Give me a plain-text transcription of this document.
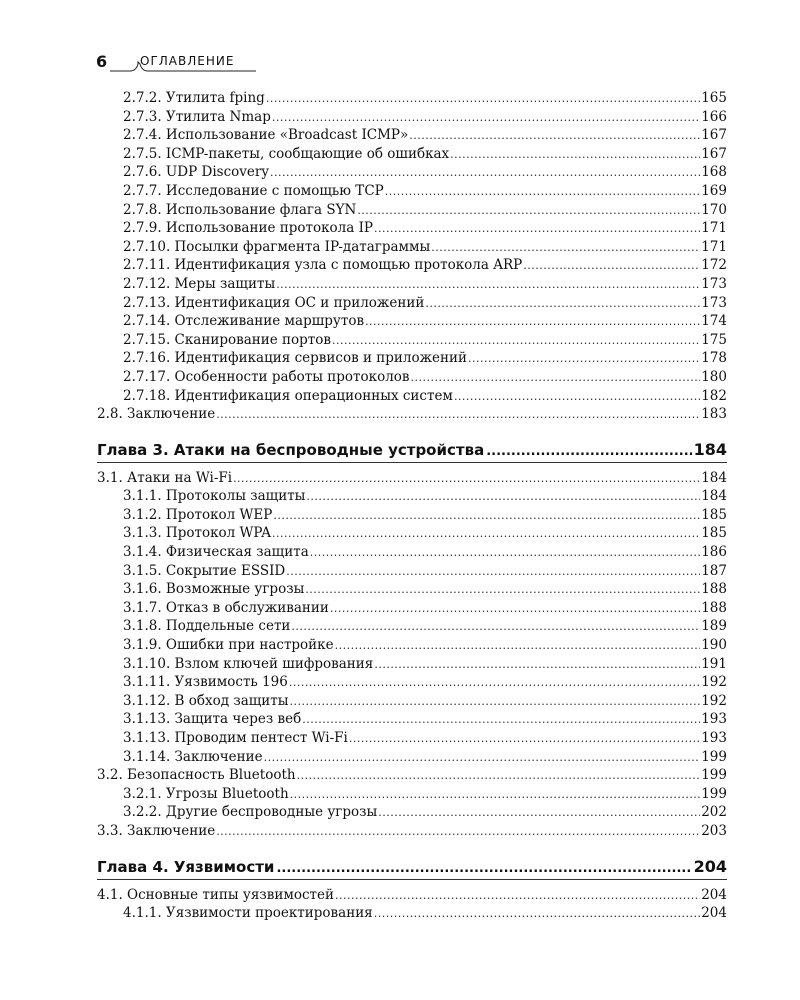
6	ОГЛАВЛЕНИЕ
2.7.2. Утилита fping .....	165
2.7.3. Утилита Nmap .....	166
2.7.4. Использование «Broadcast ICMP» .....	167
2.7.5. ICMP-пакеты, сообщающие об ошибках .....	167
2.7.6. UDP Discovery .....	168
2.7.7. Исследование с помощью TCP .....	169
2.7.8. Использование флага SYN .....	170
2.7.9. Использование протокола IP .....	171
2.7.10. Посылки фрагмента IP-датаграммы .....	171
2.7.11. Идентификация узла с помощью протокола ARP .....	172
2.7.12. Меры защиты .....	173
2.7.13. Идентификация ОС и приложений .....	173
2.7.14. Отслеживание маршрутов .....	174
2.7.15. Сканирование портов .....	175
2.7.16. Идентификация сервисов и приложений .....	178
2.7.17. Особенности работы протоколов .....	180
2.7.18. Идентификация операционных систем .....	182
2.8. Заключение .....	183
Глава 3. Атаки на беспроводные устройства .....	184
3.1. Атаки на Wi-Fi .....	184
3.1.1. Протоколы защиты .....	184
3.1.2. Протокол WEP .....	185
3.1.3. Протокол WPA .....	185
3.1.4. Физическая защита .....	186
3.1.5. Сокрытие ESSID .....	187
3.1.6. Возможные угрозы .....	188
3.1.7. Отказ в обслуживании .....	188
3.1.8. Поддельные сети .....	189
3.1.9. Ошибки при настройке .....	190
3.1.10. Взлом ключей шифрования .....	191
3.1.11. Уязвимость 196 .....	192
3.1.12. В обход защиты .....	192
3.1.13. Защита через веб .....	193
3.1.13. Проводим пентест Wi-Fi .....	193
3.1.14. Заключение .....	199
3.2. Безопасность Bluetooth .....	199
3.2.1. Угрозы Bluetooth .....	199
3.2.2. Другие беспроводные угрозы .....	202
3.3. Заключение .....	203
Глава 4. Уязвимости .....	204
4.1. Основные типы уязвимостей .....	204
4.1.1. Уязвимости проектирования .....	204
